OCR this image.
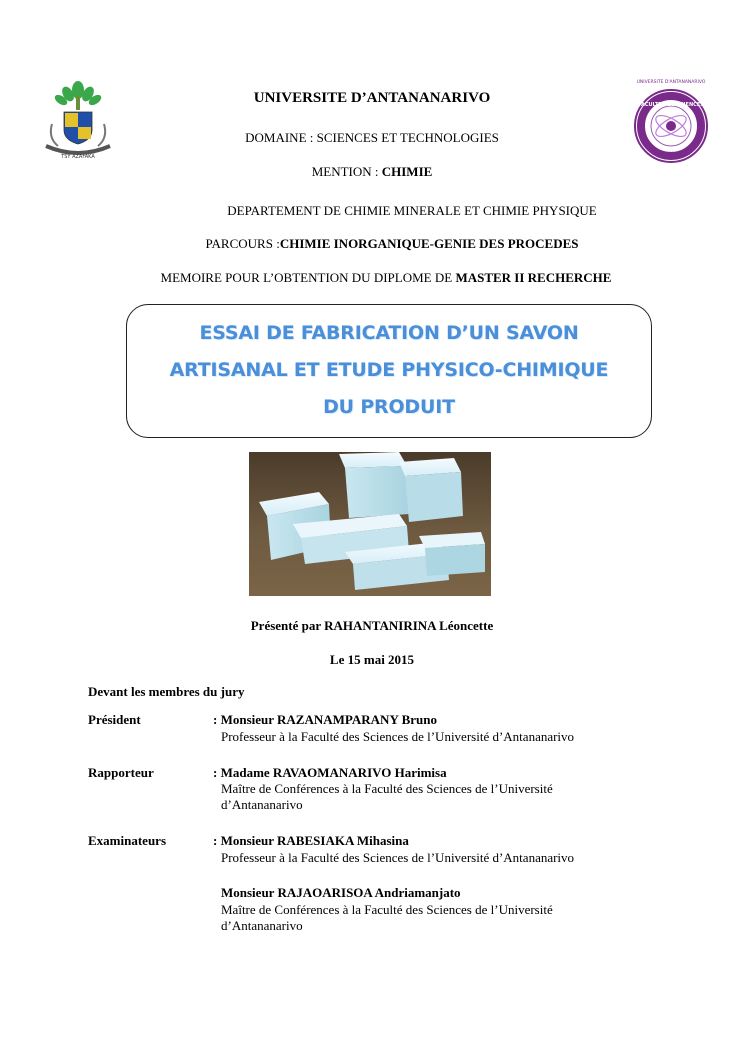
TSY AZAFAKA
UNIVERSITE D'ANTANANARIVO
FACULTE DES SCIENCES
NY FAHALALANA
UNIVERSITE D’ANTANANARIVO
DOMAINE : SCIENCES ET TECHNOLOGIES
MENTION : CHIMIE
DEPARTEMENT DE CHIMIE MINERALE ET CHIMIE PHYSIQUE
PARCOURS :CHIMIE INORGANIQUE-GENIE DES PROCEDES
MEMOIRE POUR L’OBTENTION DU DIPLOME DE MASTER II RECHERCHE
ESSAI DE FABRICATION D’UN SAVON
ARTISANAL ET ETUDE PHYSICO-CHIMIQUE
DU PRODUIT
Présenté par RAHANTANIRINA Léoncette
Le 15 mai 2015
Devant les membres du jury
Président	: Monsieur RAZANAMPARANY Bruno
Professeur à la Faculté des Sciences de l’Université d’Antananarivo
Rapporteur	: Madame RAVAOMANARIVO Harimisa
Maître de Conférences à la Faculté des Sciences de l’Université
d’Antananarivo
Examinateurs	: Monsieur RABESIAKA Mihasina
Professeur à la Faculté des Sciences de l’Université d’Antananarivo
Monsieur RAJAOARISOA Andriamanjato
Maître de Conférences à la Faculté des Sciences de l’Université
d’Antananarivo
